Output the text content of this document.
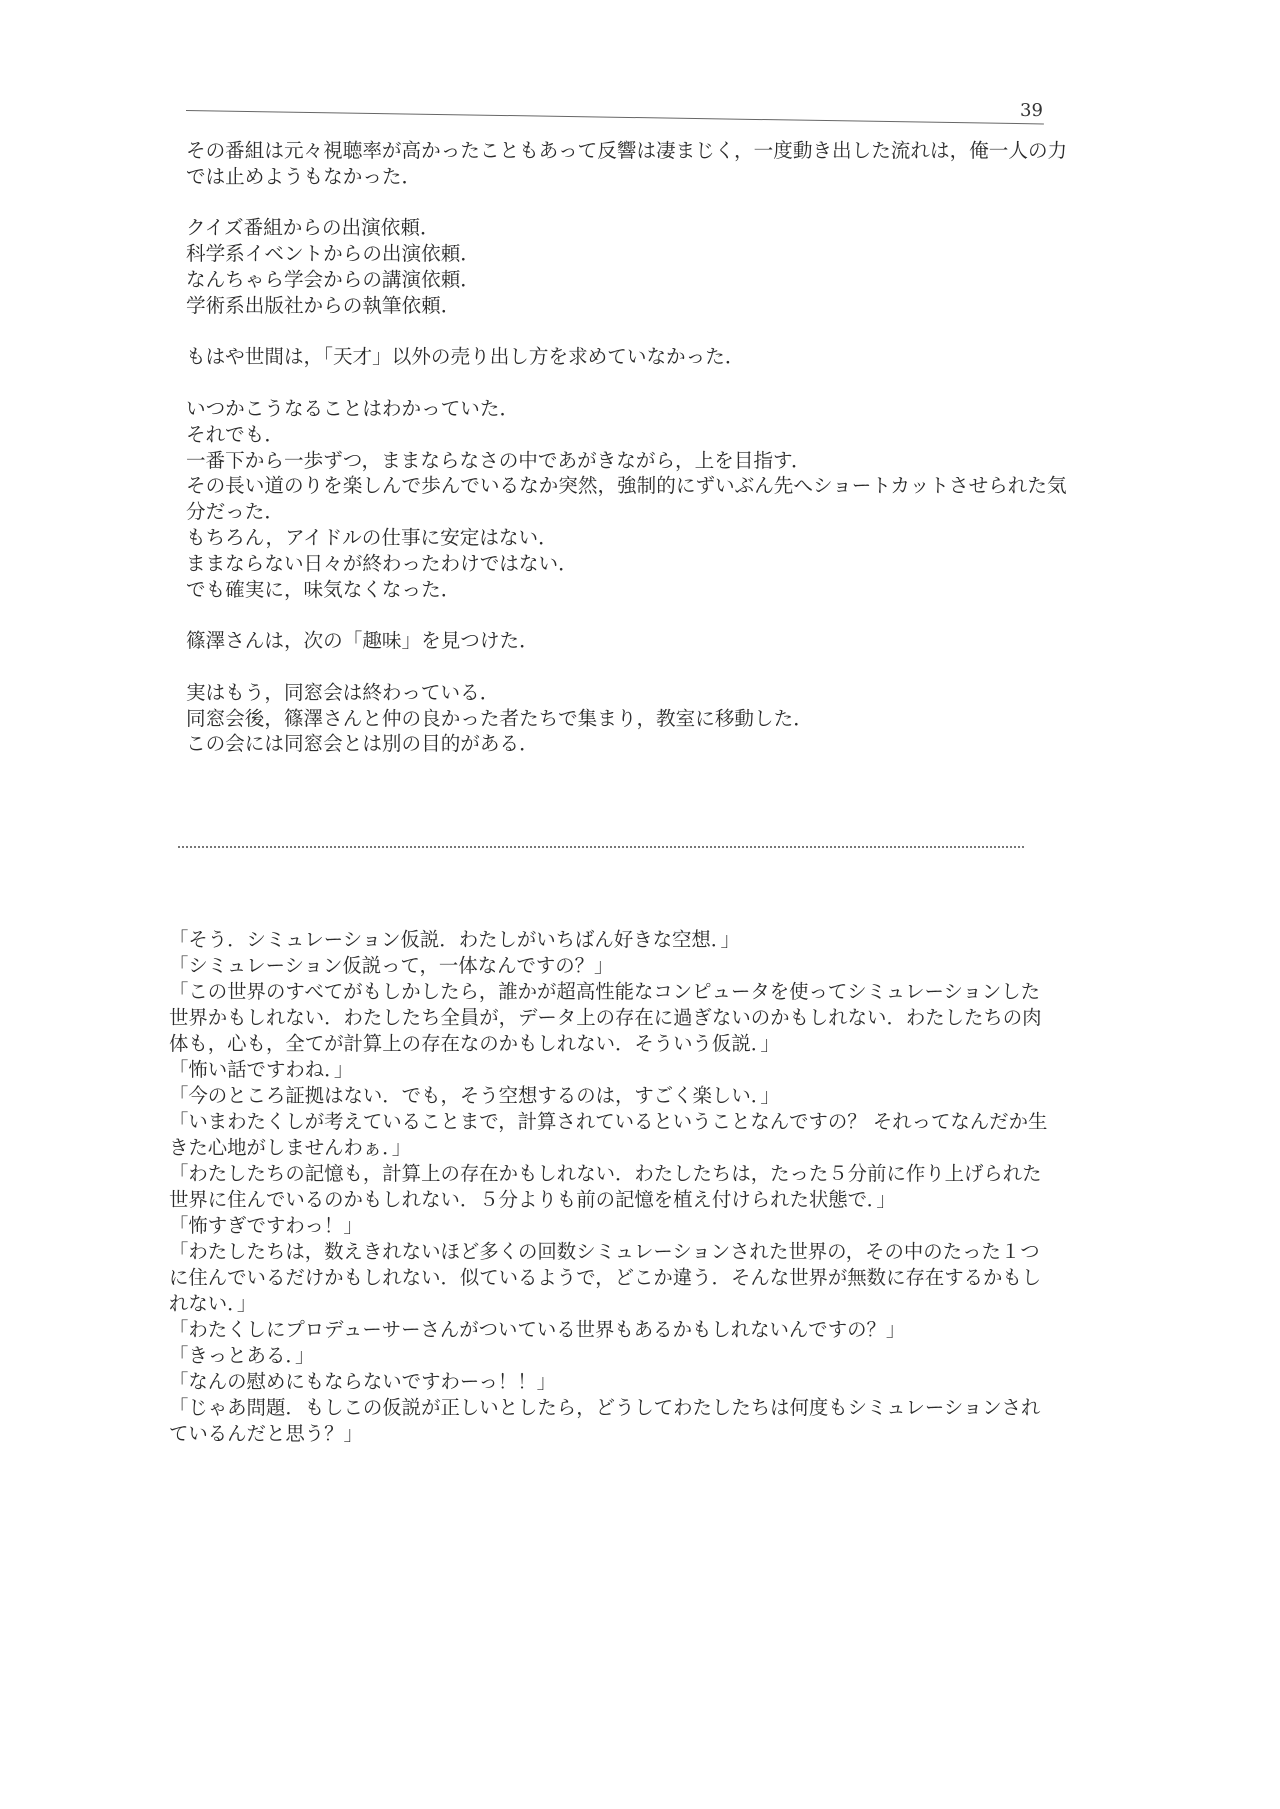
39
その番組は元々視聴率が高かったこともあって反響は凄まじく，一度動き出した流れは，俺一人の力
では止めようもなかった．
クイズ番組からの出演依頼．
科学系イベントからの出演依頼．
なんちゃら学会からの講演依頼．
学術系出版社からの執筆依頼．
もはや世間は，「天才」以外の売り出し方を求めていなかった．
いつかこうなることはわかっていた．
それでも．
一番下から一歩ずつ，ままならなさの中であがきながら，上を目指す．
その長い道のりを楽しんで歩んでいるなか突然，強制的にずいぶん先へショートカットさせられた気
分だった．
もちろん，アイドルの仕事に安定はない．
ままならない日々が終わったわけではない．
でも確実に，味気なくなった．
篠澤さんは，次の「趣味」を見つけた．
実はもう，同窓会は終わっている．
同窓会後，篠澤さんと仲の良かった者たちで集まり，教室に移動した．
この会には同窓会とは別の目的がある．
「そう．シミュレーション仮説．わたしがいちばん好きな空想．」
「シミュレーション仮説って，一体なんですの？」
「この世界のすべてがもしかしたら，誰かが超高性能なコンピュータを使ってシミュレーションした
世界かもしれない．わたしたち全員が，データ上の存在に過ぎないのかもしれない．わたしたちの肉
体も，心も，全てが計算上の存在なのかもしれない．そういう仮説．」
「怖い話ですわね．」
「今のところ証拠はない．でも，そう空想するのは，すごく楽しい．」
「いまわたくしが考えていることまで，計算されているということなんですの？ それってなんだか生
きた心地がしませんわぁ．」
「わたしたちの記憶も，計算上の存在かもしれない．わたしたちは，たった５分前に作り上げられた
世界に住んでいるのかもしれない．５分よりも前の記憶を植え付けられた状態で．」
「怖すぎですわっ！」
「わたしたちは，数えきれないほど多くの回数シミュレーションされた世界の，その中のたった１つ
に住んでいるだけかもしれない．似ているようで，どこか違う．そんな世界が無数に存在するかもし
れない．」
「わたくしにプロデューサーさんがついている世界もあるかもしれないんですの？」
「きっとある．」
「なんの慰めにもならないですわーっ！！」
「じゃあ問題．もしこの仮説が正しいとしたら，どうしてわたしたちは何度もシミュレーションされ
ているんだと思う？」
